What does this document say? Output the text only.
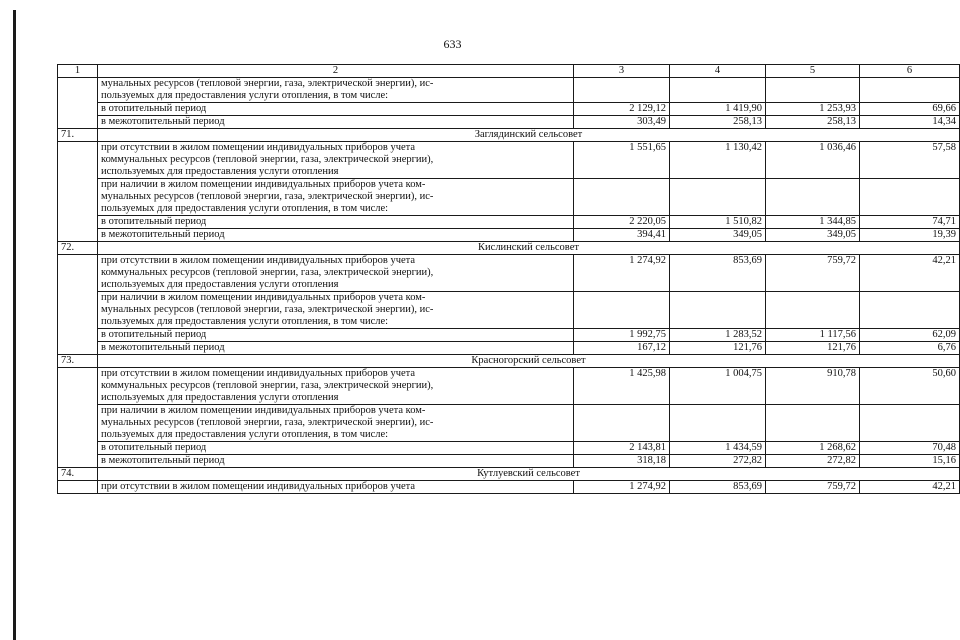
633
1	2	3	4	5	6

	мунальных ресурсов (тепловой энергии, газа, электрической энергии), ис-
пользуемых для предоставления услуги отопления, в том числе:				

	в отопительный период	2 129,12	1 419,90	1 253,93	69,66
	в межотопительный период	303,49	258,13	258,13	14,34
71.	Заглядинский сельсовет				

	при отсутствии в жилом помещении индивидуальных приборов учета
коммунальных ресурсов (тепловой энергии, газа, электрической энергии),
используемых для предоставления услуги отопления	1 551,65	1 130,42	1 036,46	57,58

	при наличии в жилом помещении индивидуальных приборов учета ком-
мунальных ресурсов (тепловой энергии, газа, электрической энергии), ис-
пользуемых для предоставления услуги отопления, в том числе:				

	в отопительный период	2 220,05	1 510,82	1 344,85	74,71
	в межотопительный период	394,41	349,05	349,05	19,39
72.	Кислинский сельсовет				

	при отсутствии в жилом помещении индивидуальных приборов учета
коммунальных ресурсов (тепловой энергии, газа, электрической энергии),
используемых для предоставления услуги отопления	1 274,92	853,69	759,72	42,21

	при наличии в жилом помещении индивидуальных приборов учета ком-
мунальных ресурсов (тепловой энергии, газа, электрической энергии), ис-
пользуемых для предоставления услуги отопления, в том числе:				

	в отопительный период	1 992,75	1 283,52	1 117,56	62,09
	в межотопительный период	167,12	121,76	121,76	6,76
73.	Красногорский сельсовет				

	при отсутствии в жилом помещении индивидуальных приборов учета
коммунальных ресурсов (тепловой энергии, газа, электрической энергии),
используемых для предоставления услуги отопления	1 425,98	1 004,75	910,78	50,60

	при наличии в жилом помещении индивидуальных приборов учета ком-
мунальных ресурсов (тепловой энергии, газа, электрической энергии), ис-
пользуемых для предоставления услуги отопления, в том числе:				

	в отопительный период	2 143,81	1 434,59	1 268,62	70,48
	в межотопительный период	318,18	272,82	272,82	15,16
74.	Кутлуевский сельсовет				
	при отсутствии в жилом помещении индивидуальных приборов учета	1 274,92	853,69	759,72	42,21
